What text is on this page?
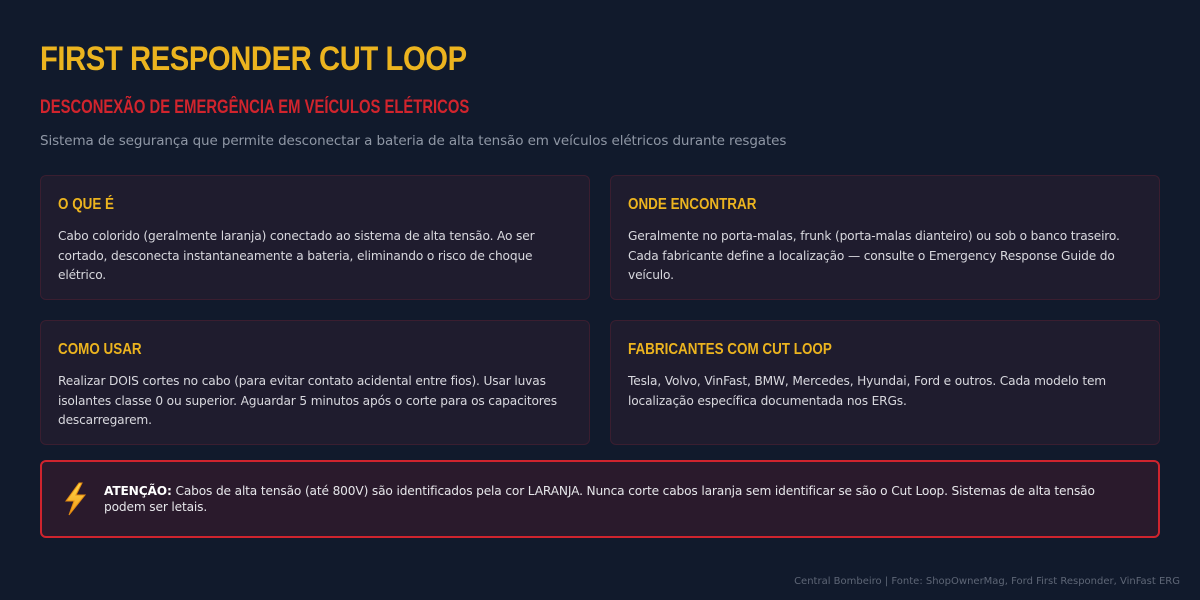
FIRST RESPONDER CUT LOOP
DESCONEXÃO DE EMERGÊNCIA EM VEÍCULOS ELÉTRICOS
Sistema de segurança que permite desconectar a bateria de alta tensão em veículos elétricos durante resgates
O QUE É

Cabo colorido (geralmente laranja) conectado ao sistema de alta tensão. Ao ser cortado, desconecta instantaneamente a bateria, eliminando o risco de choque elétrico.

ONDE ENCONTRAR

Geralmente no porta-malas, frunk (porta-malas dianteiro) ou sob o banco traseiro. Cada fabricante define a localização — consulte o Emergency Response Guide do veículo.

COMO USAR

Realizar DOIS cortes no cabo (para evitar contato acidental entre fios). Usar luvas isolantes classe 0 ou superior. Aguardar 5 minutos após o corte para os capacitores descarregarem.

FABRICANTES COM CUT LOOP

Tesla, Volvo, VinFast, BMW, Mercedes, Hyundai, Ford e outros. Cada modelo tem localização específica documentada nos ERGs.

ATENÇÃO: Cabos de alta tensão (até 800V) são identificados pela cor LARANJA. Nunca corte cabos laranja sem identificar se são o Cut Loop. Sistemas de alta tensão podem ser letais.

Central Bombeiro | Fonte: ShopOwnerMag, Ford First Responder, VinFast ERG
